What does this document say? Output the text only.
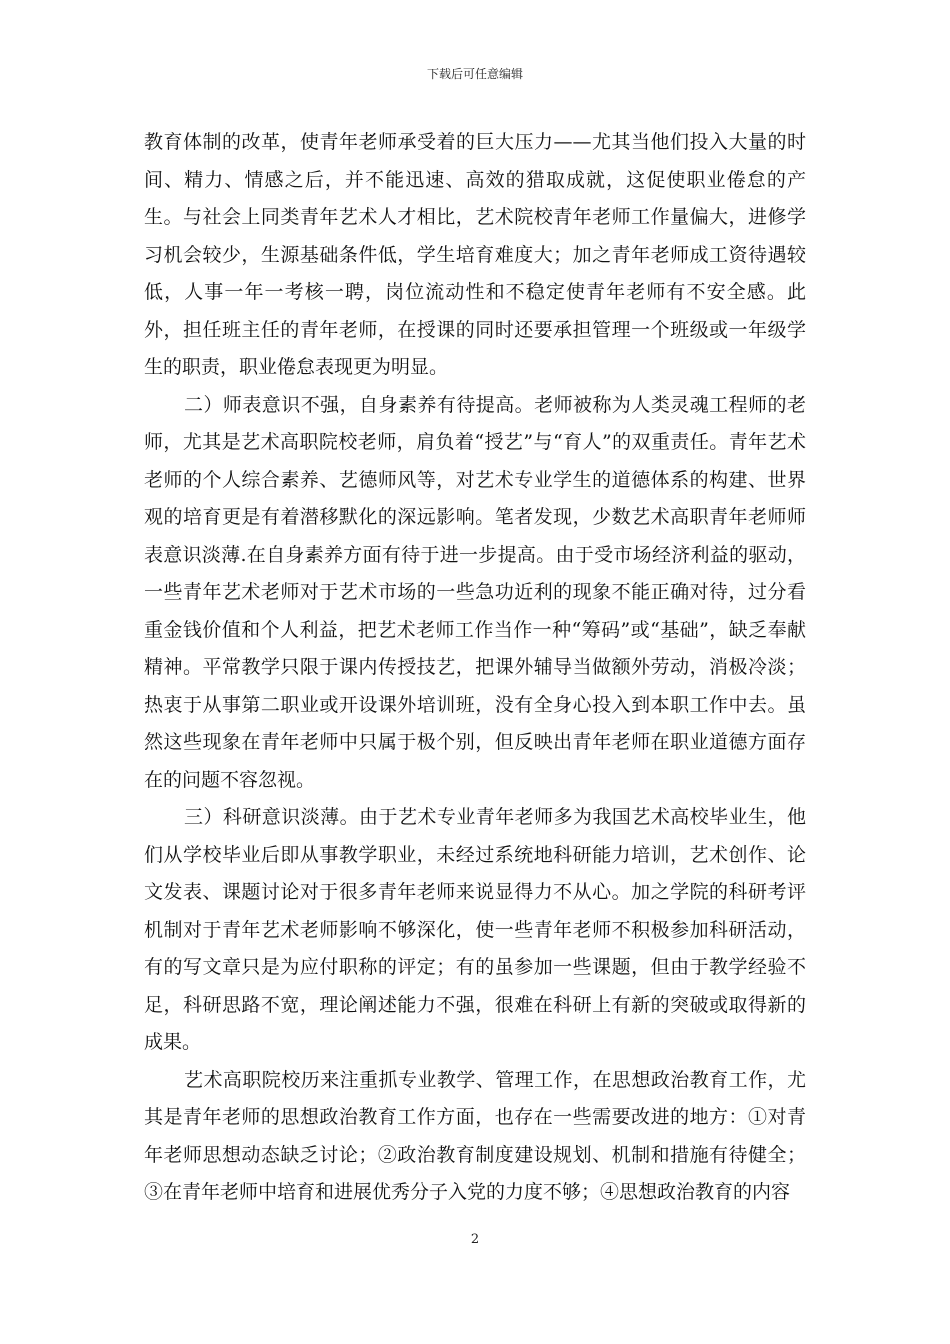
下载后可任意编辑

教育体制的改革，使青年老师承受着的巨大压力——尤其当他们投入大量的时间、精力、情感之后，并不能迅速、高效的猎取成就，这促使职业倦怠的产生。与社会上同类青年艺术人才相比，艺术院校青年老师工作量偏大，进修学习机会较少，生源基础条件低，学生培育难度大；加之青年老师成工资待遇较低，人事一年一考核一聘，岗位流动性和不稳定使青年老师有不安全感。此外，担任班主任的青年老师，在授课的同时还要承担管理一个班级或一年级学生的职责，职业倦怠表现更为明显。

二）师表意识不强，自身素养有待提高。老师被称为人类灵魂工程师的老师，尤其是艺术高职院校老师，肩负着“授艺”与“育人”的双重责任。青年艺术老师的个人综合素养、艺德师风等，对艺术专业学生的道德体系的构建、世界观的培育更是有着潜移默化的深远影响。笔者发现，少数艺术高职青年老师师表意识淡薄.在自身素养方面有待于进一步提高。由于受市场经济利益的驱动，一些青年艺术老师对于艺术市场的一些急功近利的现象不能正确对待，过分看重金钱价值和个人利益，把艺术老师工作当作一种“筹码”或“基础”，缺乏奉献精神。平常教学只限于课内传授技艺，把课外辅导当做额外劳动，消极冷淡；热衷于从事第二职业或开设课外培训班，没有全身心投入到本职工作中去。虽然这些现象在青年老师中只属于极个别，但反映出青年老师在职业道德方面存在的问题不容忽视。

三）科研意识淡薄。由于艺术专业青年老师多为我国艺术高校毕业生，他们从学校毕业后即从事教学职业，未经过系统地科研能力培训，艺术创作、论文发表、课题讨论对于很多青年老师来说显得力不从心。加之学院的科研考评机制对于青年艺术老师影响不够深化，使一些青年老师不积极参加科研活动，有的写文章只是为应付职称的评定；有的虽参加一些课题，但由于教学经验不足，科研思路不宽，理论阐述能力不强，很难在科研上有新的突破或取得新的成果。

艺术高职院校历来注重抓专业教学、管理工作，在思想政治教育工作，尤其是青年老师的思想政治教育工作方面，也存在一些需要改进的地方：①对青年老师思想动态缺乏讨论；②政治教育制度建设规划、机制和措施有待健全；③在青年老师中培育和进展优秀分子入党的力度不够；④思想政治教育的内容

2
